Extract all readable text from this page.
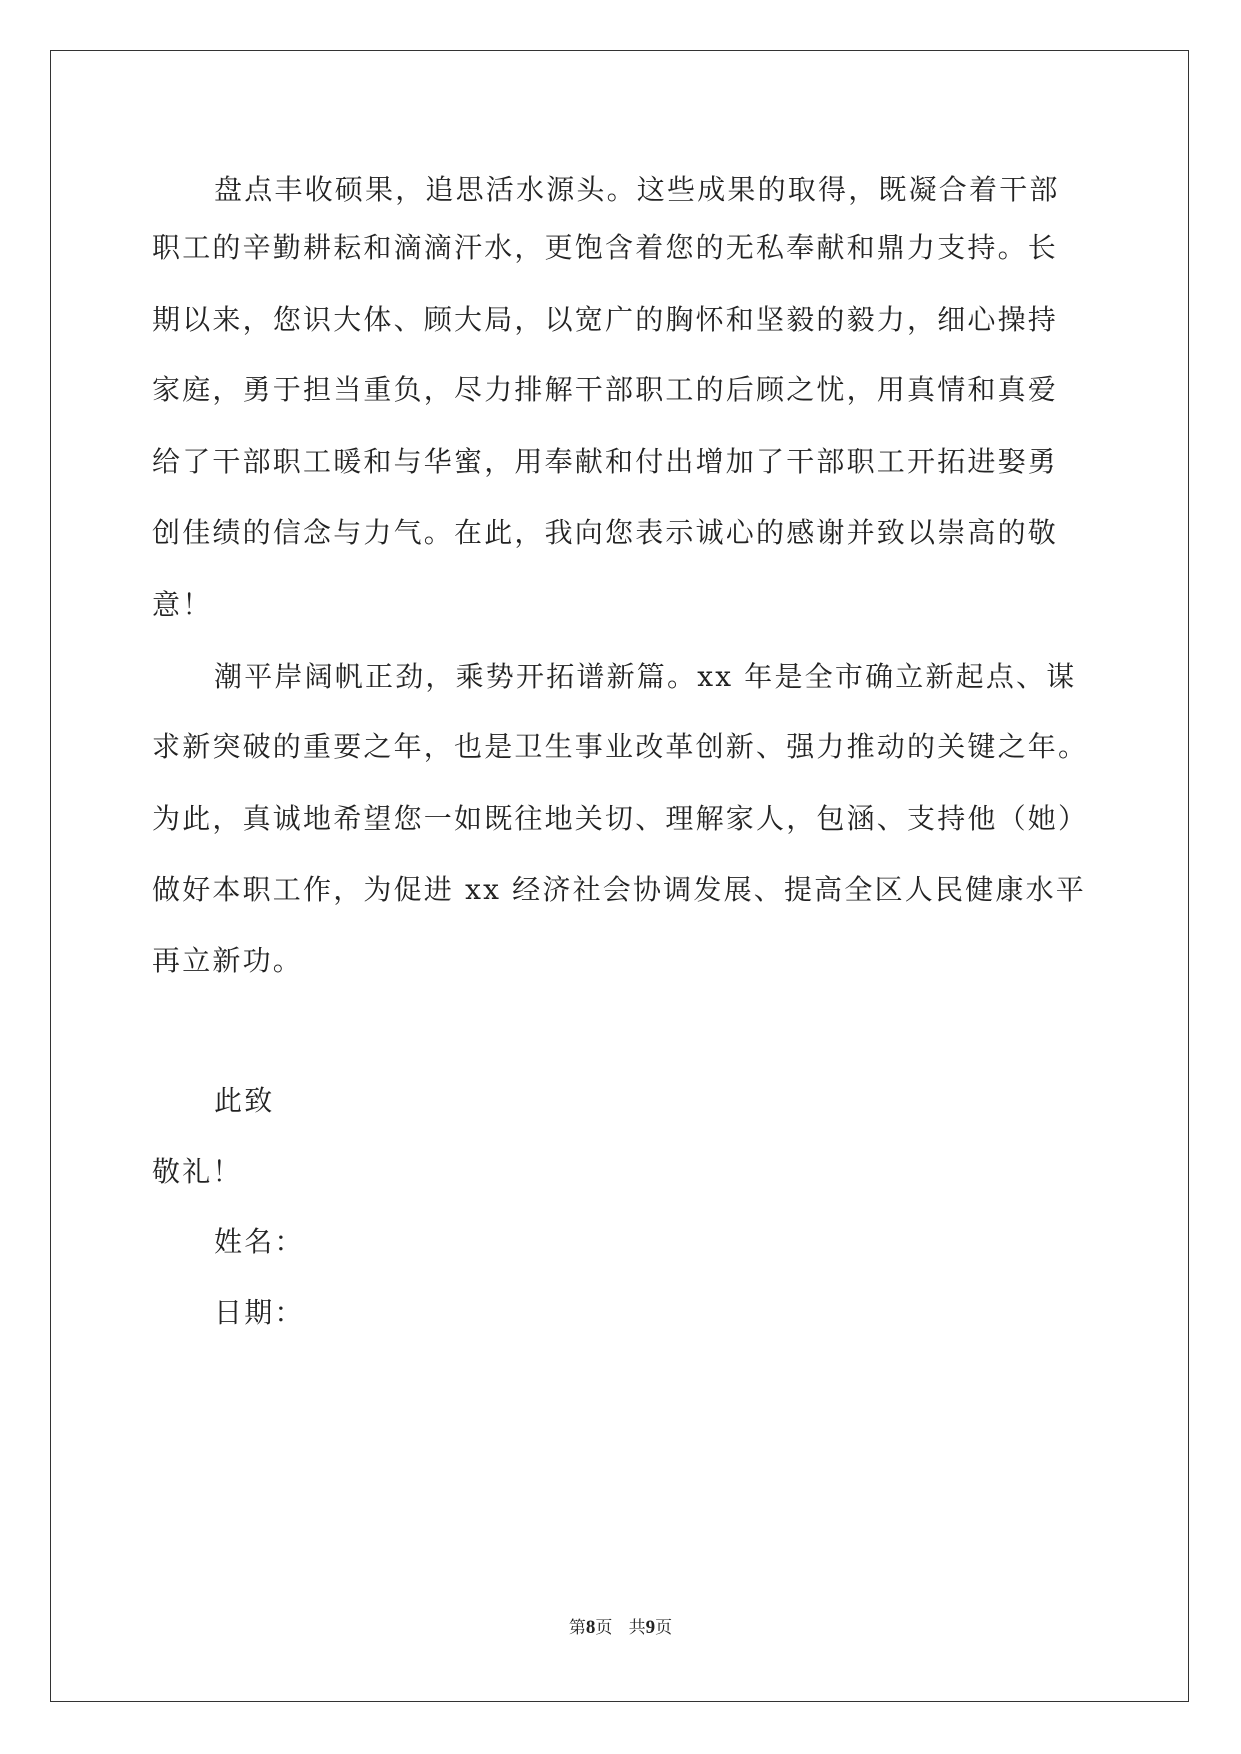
盘点丰收硕果，追思活水源头。这些成果的取得，既凝合着干部
职工的辛勤耕耘和滴滴汗水，更饱含着您的无私奉献和鼎力支持。长
期以来，您识大体、顾大局，以宽广的胸怀和坚毅的毅力，细心操持
家庭，勇于担当重负，尽力排解干部职工的后顾之忧，用真情和真爱
给了干部职工暖和与华蜜，用奉献和付出增加了干部职工开拓进娶勇
创佳绩的信念与力气。在此，我向您表示诚心的感谢并致以崇高的敬
意！
潮平岸阔帆正劲，乘势开拓谱新篇。xx 年是全市确立新起点、谋
求新突破的重要之年，也是卫生事业改革创新、强力推动的关键之年。
为此，真诚地希望您一如既往地关切、理解家人，包涵、支持他（她）
做好本职工作，为促进 xx 经济社会协调发展、提高全区人民健康水平
再立新功。
此致
敬礼！
姓名：
日期：
第8页 共9页
